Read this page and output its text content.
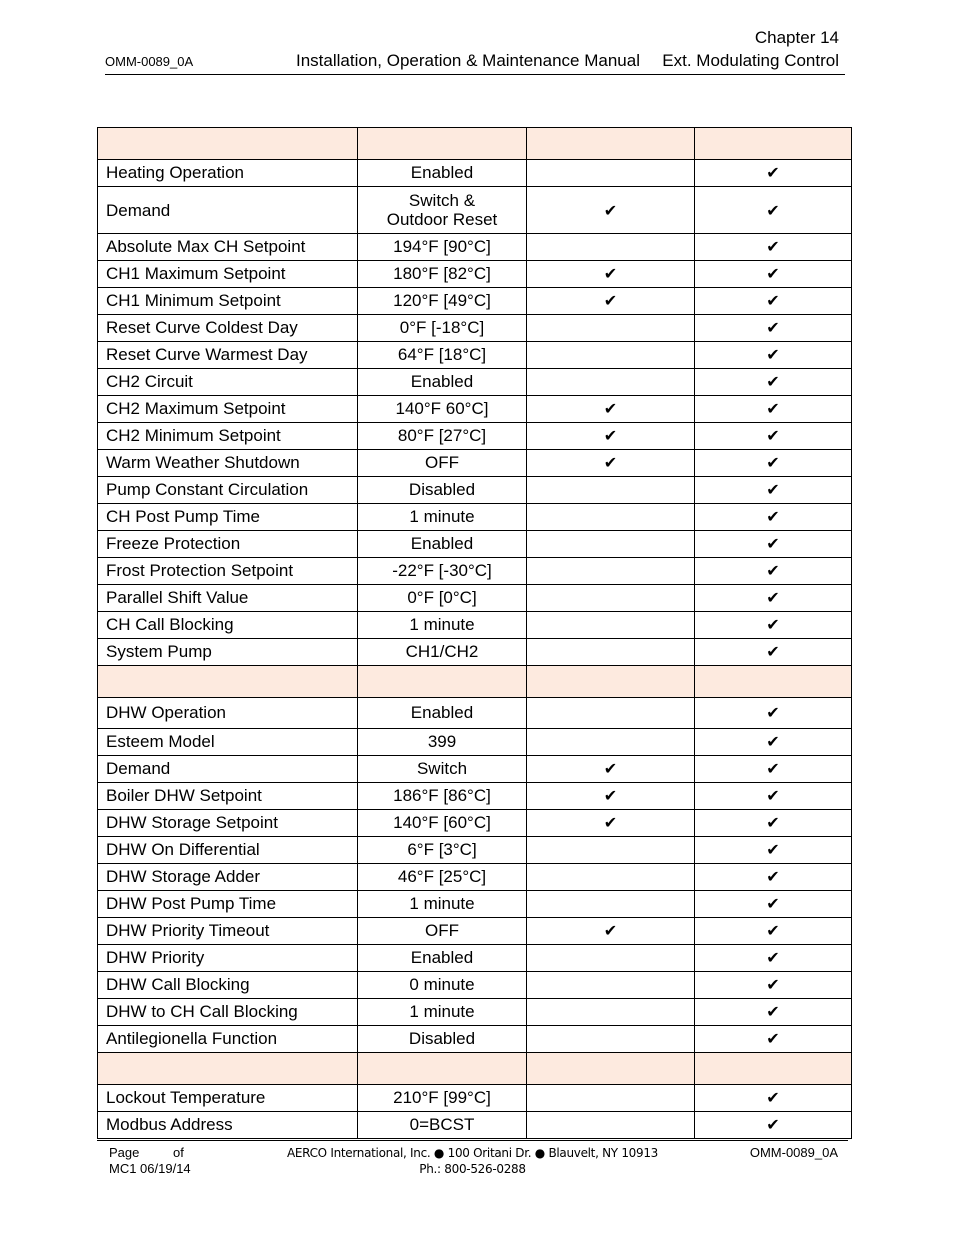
OMM-0089_0A
Chapter 14
Installation, Operation & Maintenance Manual Ext. Modulating Control

Heating Operation	Enabled		✔
Demand	Switch & Outdoor Reset	✔	✔
Absolute Max CH Setpoint	194°F [90°C]		✔
CH1 Maximum Setpoint	180°F [82°C]	✔	✔
CH1 Minimum Setpoint	120°F [49°C]	✔	✔
Reset Curve Coldest Day	0°F [-18°C]		✔
Reset Curve Warmest Day	64°F [18°C]		✔
CH2 Circuit	Enabled		✔
CH2 Maximum Setpoint	140°F 60°C]	✔	✔
CH2 Minimum Setpoint	80°F [27°C]	✔	✔
Warm Weather Shutdown	OFF	✔	✔
Pump Constant Circulation	Disabled		✔
CH Post Pump Time	1 minute		✔
Freeze Protection	Enabled		✔
Frost Protection Setpoint	-22°F [-30°C]		✔
Parallel Shift Value	0°F [0°C]		✔
CH Call Blocking	1 minute		✔
System Pump	CH1/CH2		✔

DHW Operation	Enabled		✔
Esteem Model	399		✔
Demand	Switch	✔	✔
Boiler DHW Setpoint	186°F [86°C]	✔	✔
DHW Storage Setpoint	140°F [60°C]	✔	✔
DHW On Differential	6°F [3°C]		✔
DHW Storage Adder	46°F [25°C]		✔
DHW Post Pump Time	1 minute		✔
DHW Priority Timeout	OFF	✔	✔
DHW Priority	Enabled		✔
DHW Call Blocking	0 minute		✔
DHW to CH Call Blocking	1 minute		✔
Antilegionella Function	Disabled		✔

Lockout Temperature	210°F [99°C]		✔
Modbus Address	0=BCST		✔
Page	of
MC1 06/19/14
AERCO International, Inc. ● 100 Oritani Dr. ● Blauvelt, NY 10913
Ph.: 800-526-0288
OMM-0089_0A
